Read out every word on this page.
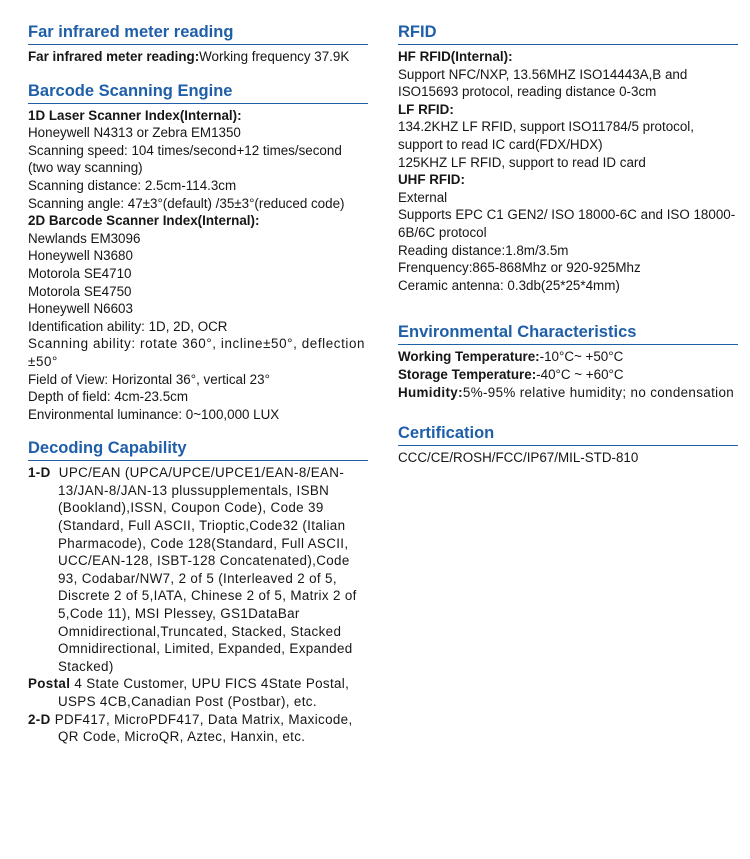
Far infrared meter reading

Far infrared meter reading:Working frequency 37.9K

Barcode Scanning Engine

1D Laser Scanner Index(Internal):

Honeywell N4313 or Zebra EM1350

Scanning speed: 104 times/second+12 times/second (two way scanning)

Scanning distance: 2.5cm-114.3cm

Scanning angle: 47±3°(default) /35±3°(reduced code)

2D Barcode Scanner Index(Internal):

Newlands EM3096

Honeywell N3680

Motorola SE4710

Motorola SE4750

Honeywell N6603

Identification ability: 1D, 2D, OCR

Scanning ability: rotate 360°, incline±50°, deflection ±50°

Field of View: Horizontal 36°, vertical 23°

Depth of field: 4cm-23.5cm

Environmental luminance: 0~100,000 LUX

Decoding Capability

1-D UPC/EAN (UPCA/UPCE/UPCE1/EAN-8/EAN-13/JAN-8/JAN-13 plussupplementals, ISBN (Bookland),ISSN, Coupon Code), Code 39 (Standard, Full ASCII, Trioptic,Code32 (Italian Pharmacode), Code 128(Standard, Full ASCII, UCC/EAN-128, ISBT-128 Concatenated),Code 93, Codabar/NW7, 2 of 5 (Interleaved 2 of 5, Discrete 2 of 5,IATA, Chinese 2 of 5, Matrix 2 of 5,Code 11), MSI Plessey, GS1DataBar Omnidirectional,Truncated, Stacked, Stacked Omnidirectional, Limited, Expanded, Expanded Stacked)

Postal 4 State Customer, UPU FICS 4State Postal, USPS 4CB,Canadian Post (Postbar), etc.

2-D PDF417, MicroPDF417, Data Matrix, Maxicode, QR Code, MicroQR, Aztec, Hanxin, etc.

RFID

HF RFID(Internal):

Support NFC/NXP, 13.56MHZ ISO14443A,B and ISO15693 protocol, reading distance 0-3cm

LF RFID:

134.2KHZ LF RFID, support ISO11784/5 protocol, support to read IC card(FDX/HDX)

125KHZ LF RFID, support to read ID card

UHF RFID:

External

Supports EPC C1 GEN2/ ISO 18000-6C and ISO 18000-6B/6C protocol

Reading distance:1.8m/3.5m

Frenquency:865-868Mhz or 920-925Mhz

Ceramic antenna: 0.3db(25*25*4mm)

Environmental Characteristics

Working Temperature:-10°C~ +50°C

Storage Temperature:-40°C ~ +60°C

Humidity:5%-95% relative humidity; no condensation

Certification

CCC/CE/ROSH/FCC/IP67/MIL-STD-810
